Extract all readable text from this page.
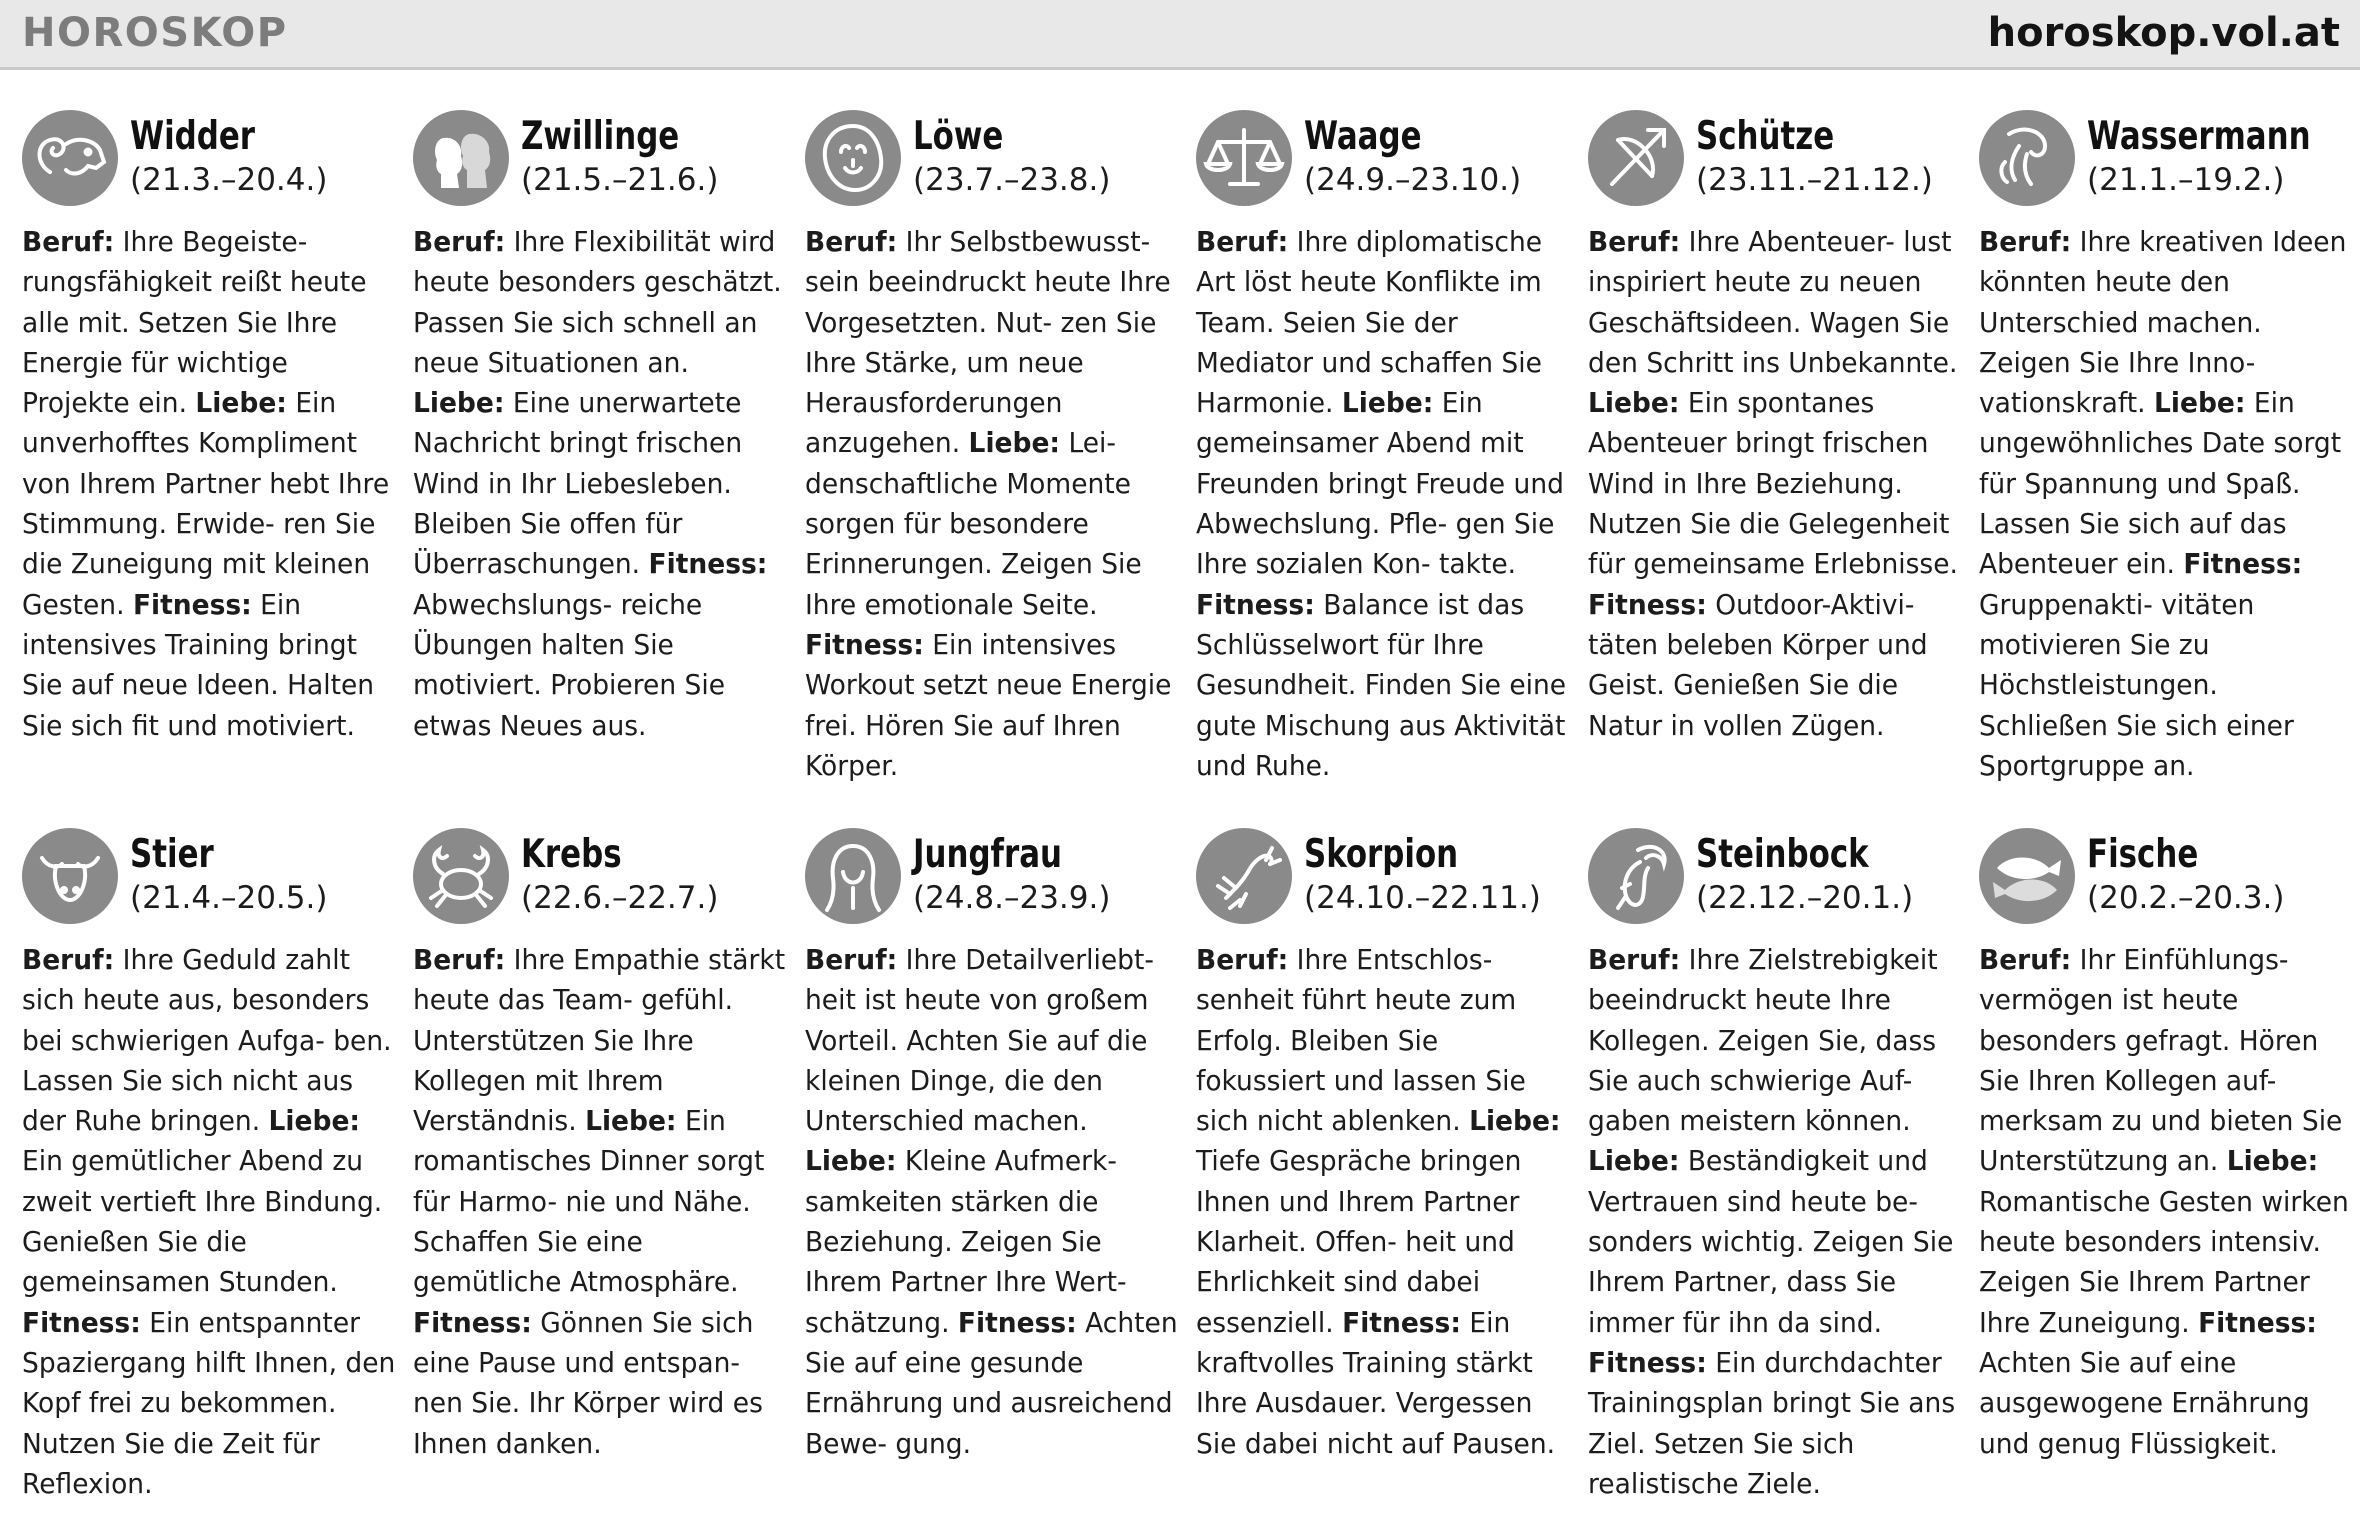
HOROSKOP	horoskop.vol.at
Widder
(21.3.–20.4.)
Beruf: Ihre Begeiste- rungsfähigkeit reißt heute alle mit. Setzen Sie Ihre Energie für wichtige Projekte ein. Liebe: Ein unverhofftes Kompliment von Ihrem Partner hebt Ihre Stimmung. Erwide- ren Sie die Zuneigung mit kleinen Gesten. Fitness: Ein intensives Training bringt Sie auf neue Ideen. Halten Sie sich fit und motiviert.
Zwillinge
(21.5.–21.6.)
Beruf: Ihre Flexibilität wird heute besonders geschätzt. Passen Sie sich schnell an neue Situationen an. Liebe: Eine unerwartete Nachricht bringt frischen Wind in Ihr Liebesleben. Bleiben Sie offen für Überraschungen. Fitness: Abwechslungs- reiche Übungen halten Sie motiviert. Probieren Sie etwas Neues aus.
Löwe
(23.7.–23.8.)
Beruf: Ihr Selbstbewusst- sein beeindruckt heute Ihre Vorgesetzten. Nut- zen Sie Ihre Stärke, um neue Herausforderungen anzugehen. Liebe: Lei- denschaftliche Momente sorgen für besondere Erinnerungen. Zeigen Sie Ihre emotionale Seite. Fitness: Ein intensives Workout setzt neue Energie frei. Hören Sie auf Ihren Körper.
Waage
(24.9.–23.10.)
Beruf: Ihre diplomatische Art löst heute Konflikte im Team. Seien Sie der Mediator und schaffen Sie Harmonie. Liebe: Ein gemeinsamer Abend mit Freunden bringt Freude und Abwechslung. Pfle- gen Sie Ihre sozialen Kon- takte. Fitness: Balance ist das Schlüsselwort für Ihre Gesundheit. Finden Sie eine gute Mischung aus Aktivität und Ruhe.
Schütze
(23.11.–21.12.)
Beruf: Ihre Abenteuer- lust inspiriert heute zu neuen Geschäftsideen. Wagen Sie den Schritt ins Unbekannte. Liebe: Ein spontanes Abenteuer bringt frischen Wind in Ihre Beziehung. Nutzen Sie die Gelegenheit für gemeinsame Erlebnisse. Fitness: Outdoor-Aktivi- täten beleben Körper und Geist. Genießen Sie die Natur in vollen Zügen.
Wassermann
(21.1.–19.2.)
Beruf: Ihre kreativen Ideen könnten heute den Unterschied machen. Zeigen Sie Ihre Inno- vationskraft. Liebe: Ein ungewöhnliches Date sorgt für Spannung und Spaß. Lassen Sie sich auf das Abenteuer ein. Fitness: Gruppenakti- vitäten motivieren Sie zu Höchstleistungen. Schließen Sie sich einer Sportgruppe an.
Stier
(21.4.–20.5.)
Beruf: Ihre Geduld zahlt sich heute aus, besonders bei schwierigen Aufga- ben. Lassen Sie sich nicht aus der Ruhe bringen. Liebe: Ein gemütlicher Abend zu zweit vertieft Ihre Bindung. Genießen Sie die gemeinsamen Stunden. Fitness: Ein entspannter Spaziergang hilft Ihnen, den Kopf frei zu bekommen. Nutzen Sie die Zeit für Reflexion.
Krebs
(22.6.–22.7.)
Beruf: Ihre Empathie stärkt heute das Team- gefühl. Unterstützen Sie Ihre Kollegen mit Ihrem Verständnis. Liebe: Ein romantisches Dinner sorgt für Harmo- nie und Nähe. Schaffen Sie eine gemütliche Atmosphäre. Fitness: Gönnen Sie sich eine Pause und entspan- nen Sie. Ihr Körper wird es Ihnen danken.
Jungfrau
(24.8.–23.9.)
Beruf: Ihre Detailverliebt- heit ist heute von großem Vorteil. Achten Sie auf die kleinen Dinge, die den Unterschied machen. Liebe: Kleine Aufmerk- samkeiten stärken die Beziehung. Zeigen Sie Ihrem Partner Ihre Wert- schätzung. Fitness: Achten Sie auf eine gesunde Ernährung und ausreichend Bewe- gung.
Skorpion
(24.10.–22.11.)
Beruf: Ihre Entschlos- senheit führt heute zum Erfolg. Bleiben Sie fokussiert und lassen Sie sich nicht ablenken. Liebe: Tiefe Gespräche bringen Ihnen und Ihrem Partner Klarheit. Offen- heit und Ehrlichkeit sind dabei essenziell. Fitness: Ein kraftvolles Training stärkt Ihre Ausdauer. Vergessen Sie dabei nicht auf Pausen.
Steinbock
(22.12.–20.1.)
Beruf: Ihre Zielstrebigkeit beeindruckt heute Ihre Kollegen. Zeigen Sie, dass Sie auch schwierige Auf- gaben meistern können. Liebe: Beständigkeit und Vertrauen sind heute be- sonders wichtig. Zeigen Sie Ihrem Partner, dass Sie immer für ihn da sind. Fitness: Ein durchdachter Trainingsplan bringt Sie ans Ziel. Setzen Sie sich realistische Ziele.
Fische
(20.2.–20.3.)
Beruf: Ihr Einfühlungs- vermögen ist heute besonders gefragt. Hören Sie Ihren Kollegen auf- merksam zu und bieten Sie Unterstützung an. Liebe: Romantische Gesten wirken heute besonders intensiv. Zeigen Sie Ihrem Partner Ihre Zuneigung. Fitness: Achten Sie auf eine ausgewogene Ernährung und genug Flüssigkeit.
